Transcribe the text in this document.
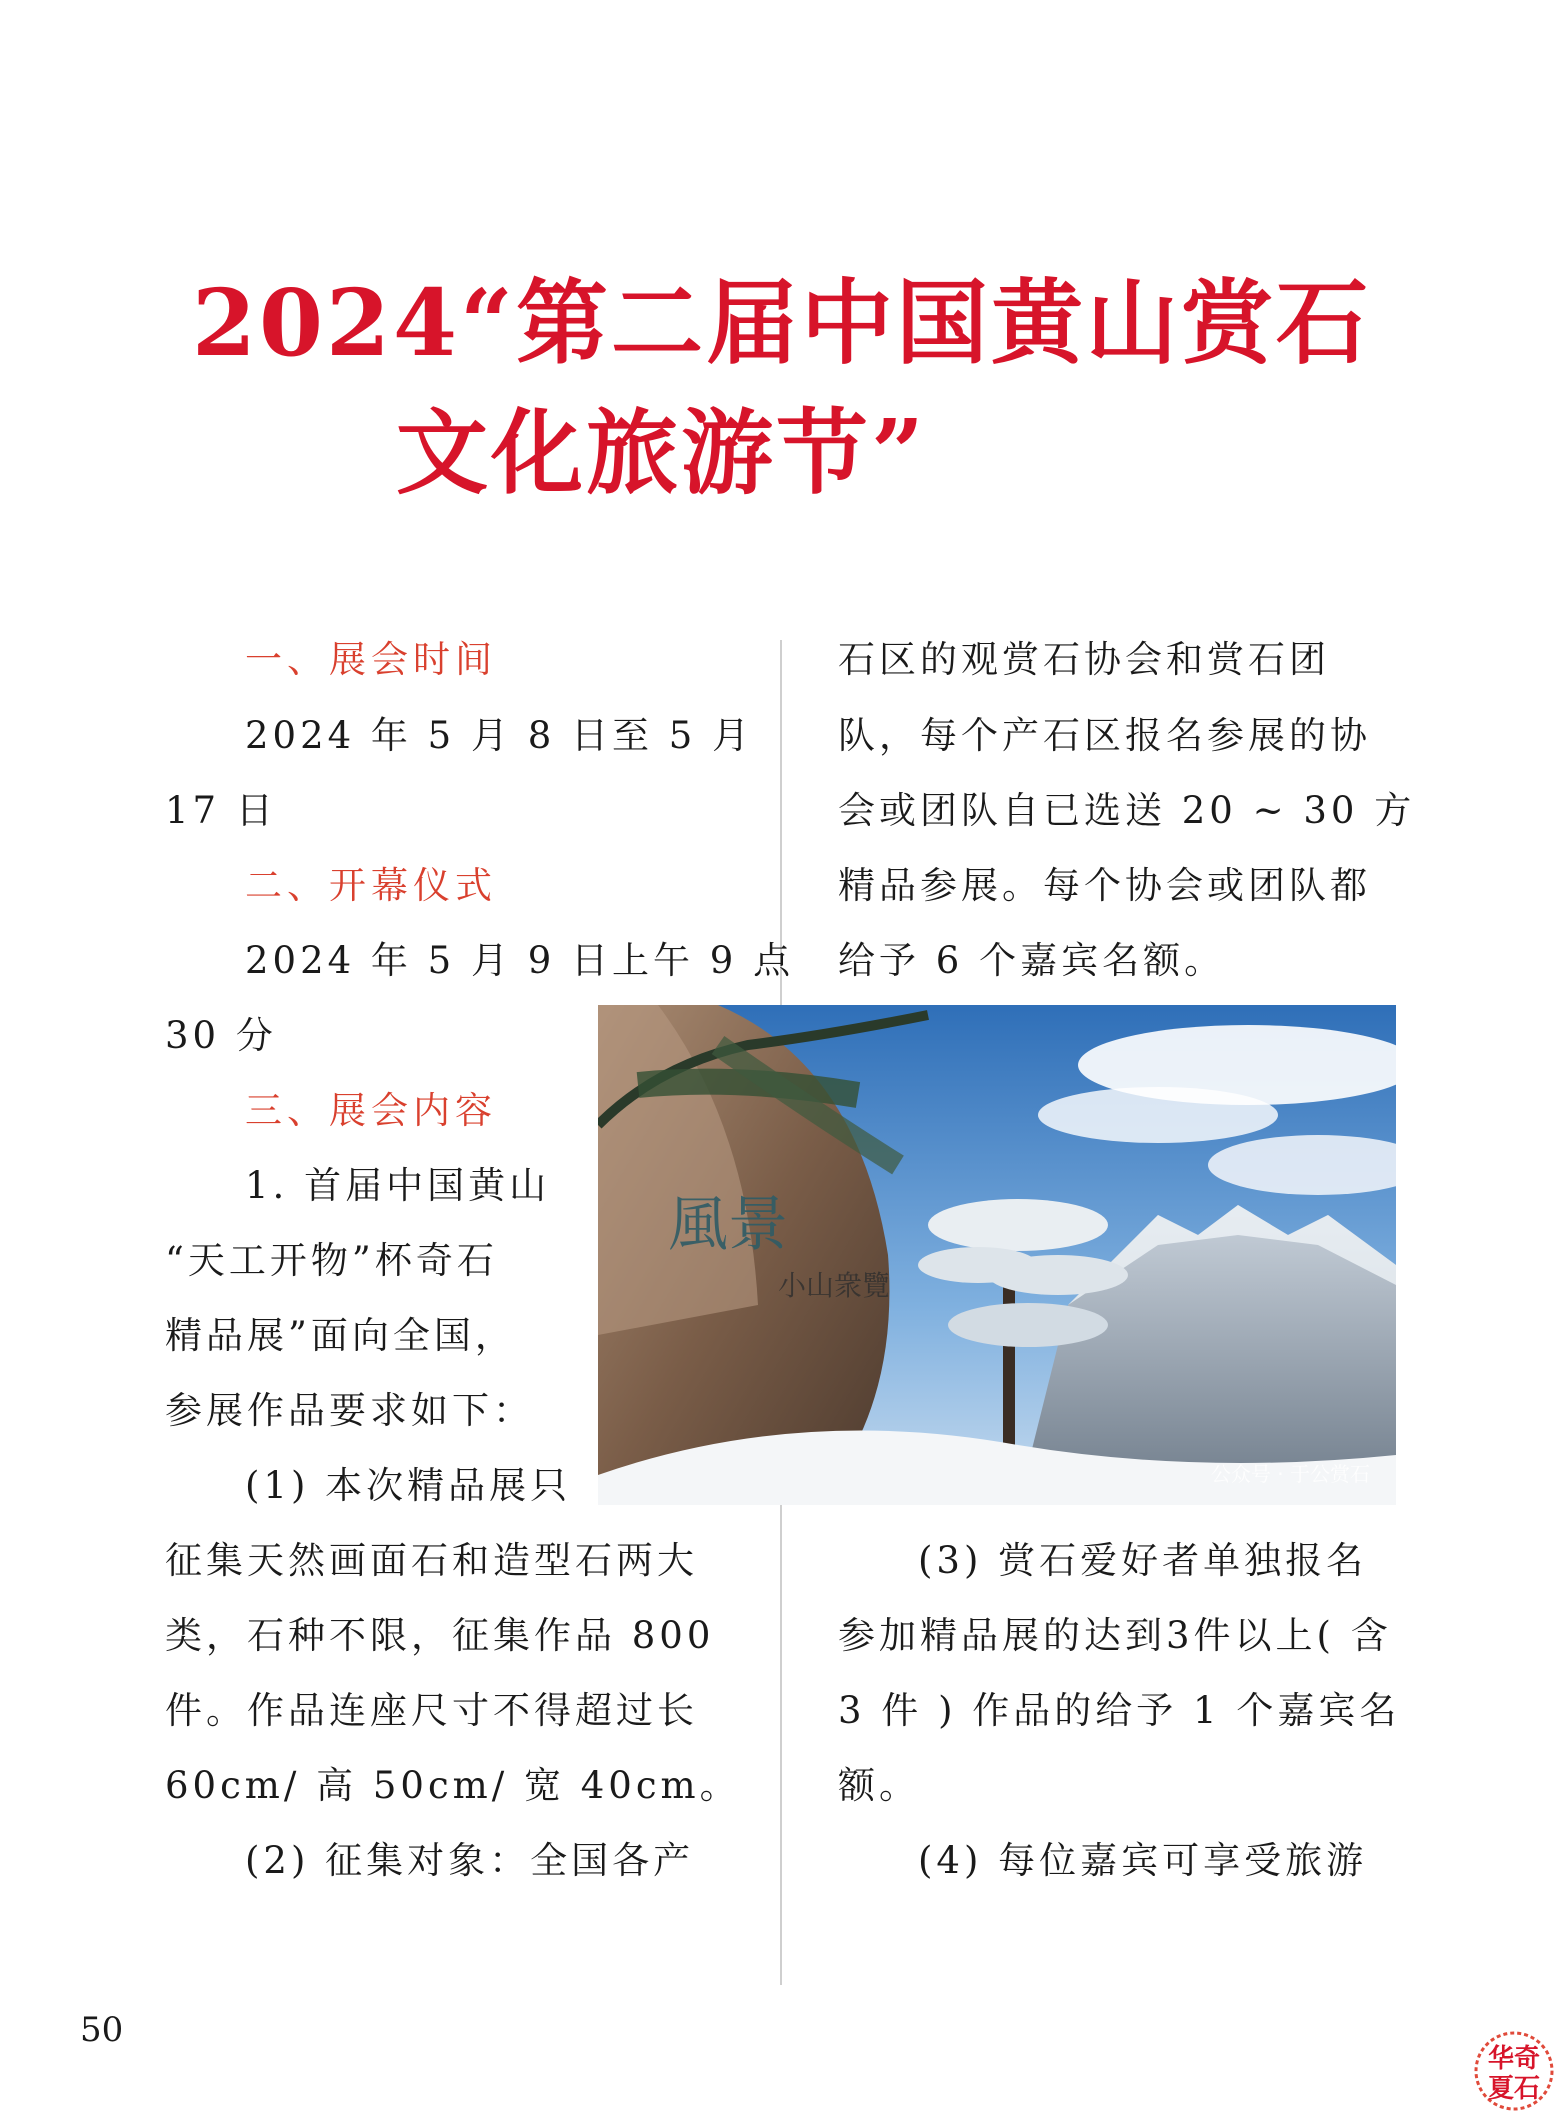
2024“第二届中国黄山赏石
文化旅游节”
一、展会时间
2024 年 5 月 8 日至 5 月
17 日
二、开幕仪式
2024 年 5 月 9 日上午 9 点
30 分
三、展会内容
1. 首届中国黄山
“天工开物”杯奇石
精品展”面向全国，
参展作品要求如下：
(1) 本次精品展只
征集天然画面石和造型石两大
类，石种不限，征集作品 800
件。作品连座尺寸不得超过长
60cm/ 高 50cm/ 宽 40cm。
(2) 征集对象：全国各产
石区的观赏石协会和赏石团
队，每个产石区报名参展的协
会或团队自已选送 20 ~ 30 方
精品参展。每个协会或团队都
给予 6 个嘉宾名额。
(3) 赏石爱好者单独报名
参加精品展的达到3件以上( 含
3 件 ) 作品的给予 1 个嘉宾名
额。
(4) 每位嘉宾可享受旅游
風景
小山衆覽
公众号 · 于公赏石
50
华奇
夏石
